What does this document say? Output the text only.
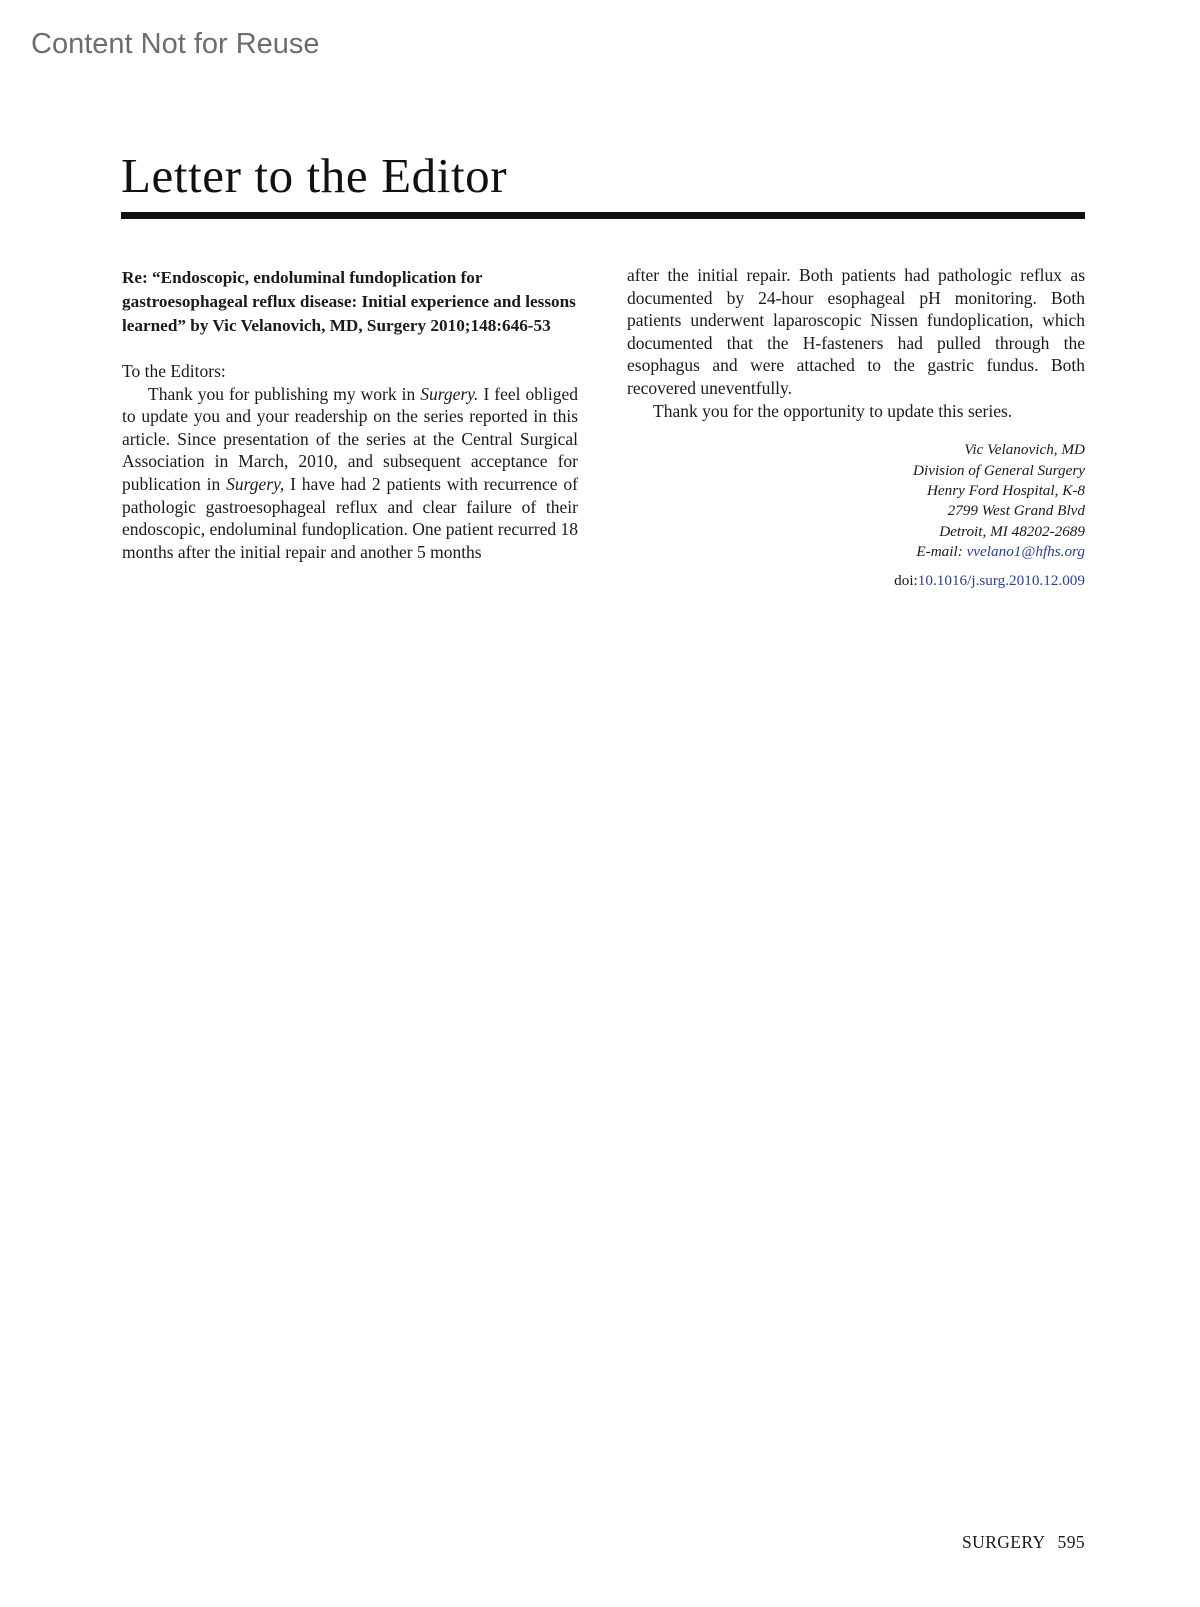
Content Not for Reuse
Letter to the Editor

Re: “Endoscopic, endoluminal fundoplication for gastroesophageal reflux disease: Initial experience and lessons learned” by Vic Velanovich, MD, Surgery 2010;148:646-53

To the Editors:

Thank you for publishing my work in Surgery. I feel obliged to update you and your readership on the series reported in this article. Since presentation of the series at the Central Surgical Association in March, 2010, and subsequent acceptance for publication in Surgery, I have had 2 patients with recurrence of pathologic gastroesophageal reflux and clear failure of their endoscopic, endoluminal fundoplication. One patient recurred 18 months after the initial repair and another 5 months

after the initial repair. Both patients had pathologic reflux as documented by 24-hour esophageal pH monitoring. Both patients underwent laparoscopic Nissen fundoplication, which documented that the H-fasteners had pulled through the esophagus and were attached to the gastric fundus. Both recovered uneventfully.

Thank you for the opportunity to update this series.

Vic Velanovich, MD
Division of General Surgery
Henry Ford Hospital, K-8
2799 West Grand Blvd
Detroit, MI 48202-2689
E-mail: vvelano1@hfhs.org
doi:10.1016/j.surg.2010.12.009
SURGERY 595
